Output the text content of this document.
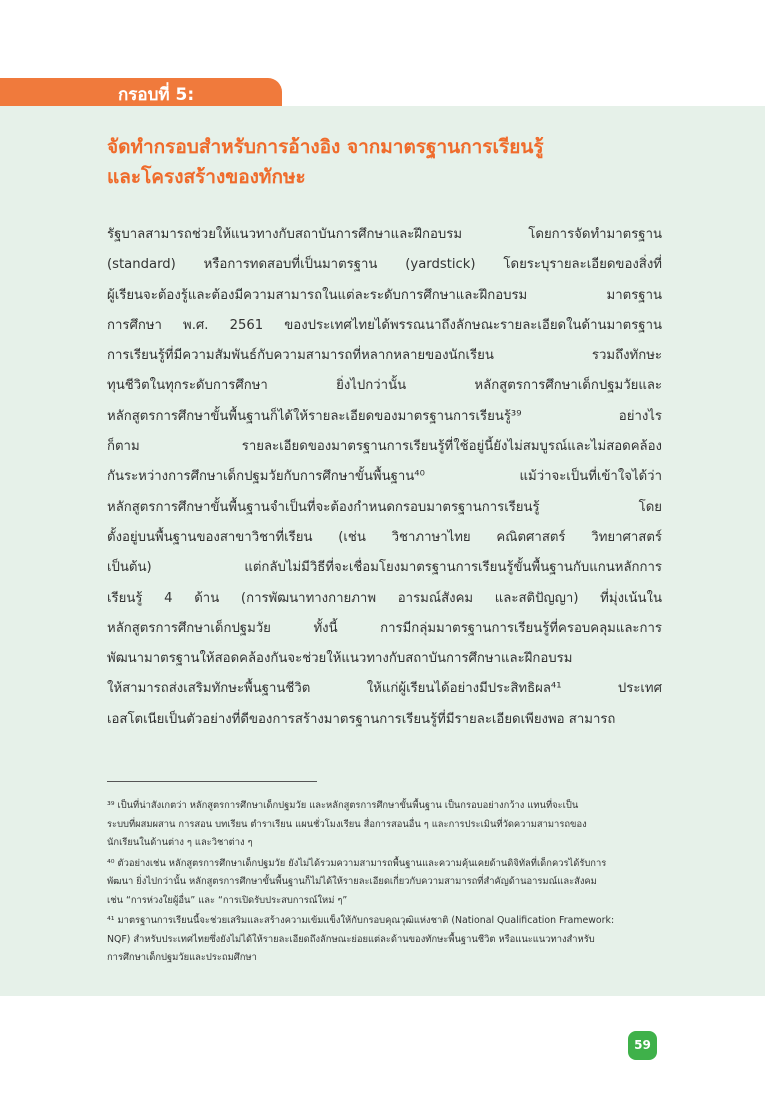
กรอบที่ 5:
จัดทำกรอบสำหรับการอ้างอิง จากมาตรฐานการเรียนรู้
และโครงสร้างของทักษะ
รัฐบาลสามารถช่วยให้แนวทางกับสถาบันการศึกษาและฝึกอบรม โดยการจัดทำมาตรฐาน
(standard) หรือการทดสอบที่เป็นมาตรฐาน (yardstick) โดยระบุรายละเอียดของสิ่งที่
ผู้เรียนจะต้องรู้และต้องมีความสามารถในแต่ละระดับการศึกษาและฝึกอบรม มาตรฐาน
การศึกษา พ.ศ. 2561 ของประเทศไทยได้พรรณนาถึงลักษณะรายละเอียดในด้านมาตรฐาน
การเรียนรู้ที่มีความสัมพันธ์กับความสามารถที่หลากหลายของนักเรียน รวมถึงทักษะ
ทุนชีวิตในทุกระดับการศึกษา ยิ่งไปกว่านั้น หลักสูตรการศึกษาเด็กปฐมวัยและ
หลักสูตรการศึกษาขั้นพื้นฐานก็ได้ให้รายละเอียดของมาตรฐานการเรียนรู้³⁹ อย่างไร
ก็ตาม รายละเอียดของมาตรฐานการเรียนรู้ที่ใช้อยู่นี้ยังไม่สมบูรณ์และไม่สอดคล้อง
กันระหว่างการศึกษาเด็กปฐมวัยกับการศึกษาขั้นพื้นฐาน⁴⁰ แม้ว่าจะเป็นที่เข้าใจได้ว่า
หลักสูตรการศึกษาขั้นพื้นฐานจำเป็นที่จะต้องกำหนดกรอบมาตรฐานการเรียนรู้ โดย
ตั้งอยู่บนพื้นฐานของสาขาวิชาที่เรียน (เช่น วิชาภาษาไทย คณิตศาสตร์ วิทยาศาสตร์
เป็นต้น) แต่กลับไม่มีวิธีที่จะเชื่อมโยงมาตรฐานการเรียนรู้ขั้นพื้นฐานกับแกนหลักการ
เรียนรู้ 4 ด้าน (การพัฒนาทางกายภาพ อารมณ์สังคม และสติปัญญา) ที่มุ่งเน้นใน
หลักสูตรการศึกษาเด็กปฐมวัย ทั้งนี้ การมีกลุ่มมาตรฐานการเรียนรู้ที่ครอบคลุมและการ
พัฒนามาตรฐานให้สอดคล้องกันจะช่วยให้แนวทางกับสถาบันการศึกษาและฝึกอบรม
ให้สามารถส่งเสริมทักษะพื้นฐานชีวิต ให้แก่ผู้เรียนได้อย่างมีประสิทธิผล⁴¹ ประเทศ
เอสโตเนียเป็นตัวอย่างที่ดีของการสร้างมาตรฐานการเรียนรู้ที่มีรายละเอียดเพียงพอ สามารถ
³⁹ เป็นที่น่าสังเกตว่า หลักสูตรการศึกษาเด็กปฐมวัย และหลักสูตรการศึกษาขั้นพื้นฐาน เป็นกรอบอย่างกว้าง แทนที่จะเป็น
ระบบที่ผสมผสาน การสอน บทเรียน ตำราเรียน แผนชั่วโมงเรียน สื่อการสอนอื่น ๆ และการประเมินที่วัดความสามารถของ
นักเรียนในด้านต่าง ๆ และวิชาต่าง ๆ
⁴⁰ ตัวอย่างเช่น หลักสูตรการศึกษาเด็กปฐมวัย ยังไม่ได้รวมความสามารถพื้นฐานและความคุ้นเคยด้านดิจิทัลที่เด็กควรได้รับการ
พัฒนา ยิ่งไปกว่านั้น หลักสูตรการศึกษาขั้นพื้นฐานก็ไม่ได้ให้รายละเอียดเกี่ยวกับความสามารถที่สำคัญด้านอารมณ์และสังคม
เช่น “การห่วงใยผู้อื่น” และ “การเปิดรับประสบการณ์ใหม่ ๆ”
⁴¹ มาตรฐานการเรียนนี้จะช่วยเสริมและสร้างความเข้มแข็งให้กับกรอบคุณวุฒิแห่งชาติ (National Qualification Framework:
NQF) สำหรับประเทศไทยซึ่งยังไม่ได้ให้รายละเอียดถึงลักษณะย่อยแต่ละด้านของทักษะพื้นฐานชีวิต หรือแนะแนวทางสำหรับ
การศึกษาเด็กปฐมวัยและประถมศึกษา
59
